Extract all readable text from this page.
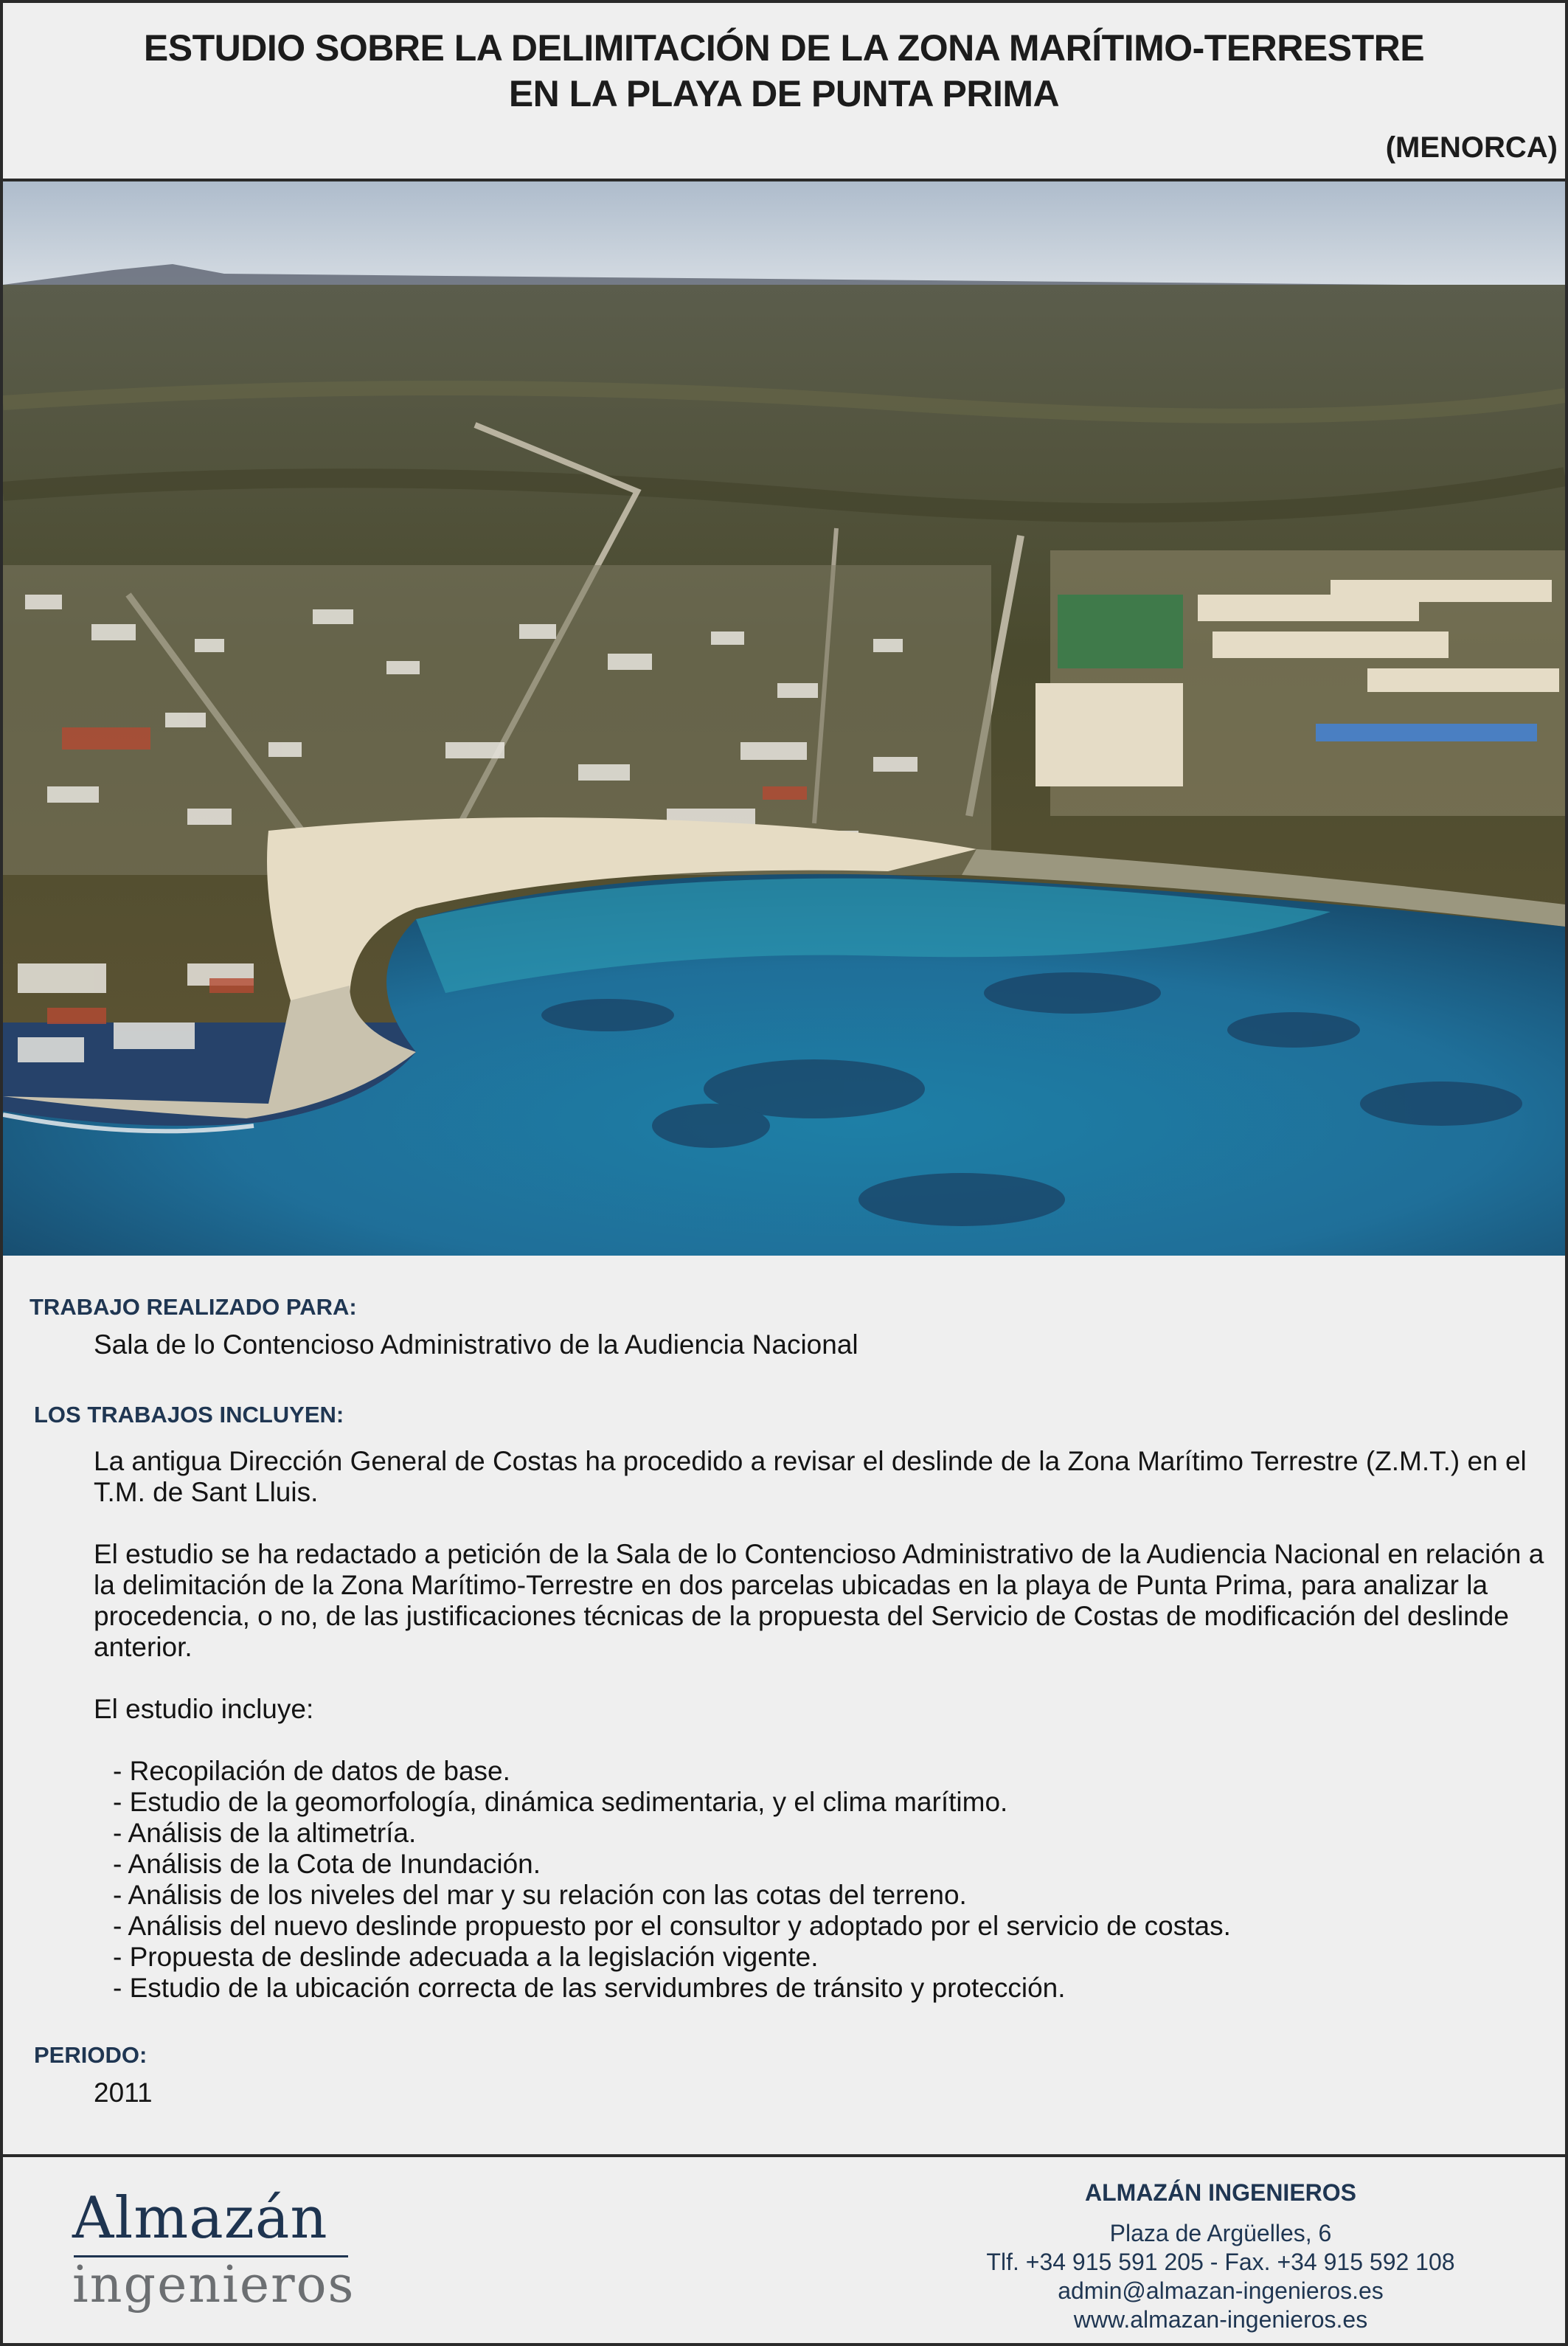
ESTUDIO SOBRE LA DELIMITACIÓN DE LA ZONA MARÍTIMO-TERRESTRE
EN LA PLAYA DE PUNTA PRIMA
(MENORCA)
TRABAJO REALIZADO PARA:
Sala de lo Contencioso Administrativo de la Audiencia Nacional
LOS TRABAJOS INCLUYEN:
La antigua Dirección General de Costas ha procedido a revisar el deslinde de la Zona Marítimo Terrestre (Z.M.T.) en el T.M. de Sant Lluis.
El estudio se ha redactado a petición de la Sala de lo Contencioso Administrativo de la Audiencia Nacional en relación a la delimitación de la Zona Marítimo-Terrestre en dos parcelas ubicadas en la playa de Punta Prima, para analizar la procedencia, o no, de las justificaciones técnicas de la propuesta del Servicio de Costas de modificación del deslinde anterior.
El estudio incluye:
- Recopilación de datos de base.
- Estudio de la geomorfología, dinámica sedimentaria, y el clima marítimo.
- Análisis de la altimetría.
- Análisis de la Cota de Inundación.
- Análisis de los niveles del mar y su relación con las cotas del terreno.
- Análisis del nuevo deslinde propuesto por el consultor y adoptado por el servicio de costas.
- Propuesta de deslinde adecuada a la legislación vigente.
- Estudio de la ubicación correcta de las servidumbres de tránsito y protección.
PERIODO:
2011
Almazán
ingenieros
ALMAZÁN INGENIEROS
Plaza de Argüelles, 6
Tlf. +34 915 591 205 - Fax. +34 915 592 108
admin@almazan-ingenieros.es
www.almazan-ingenieros.es
